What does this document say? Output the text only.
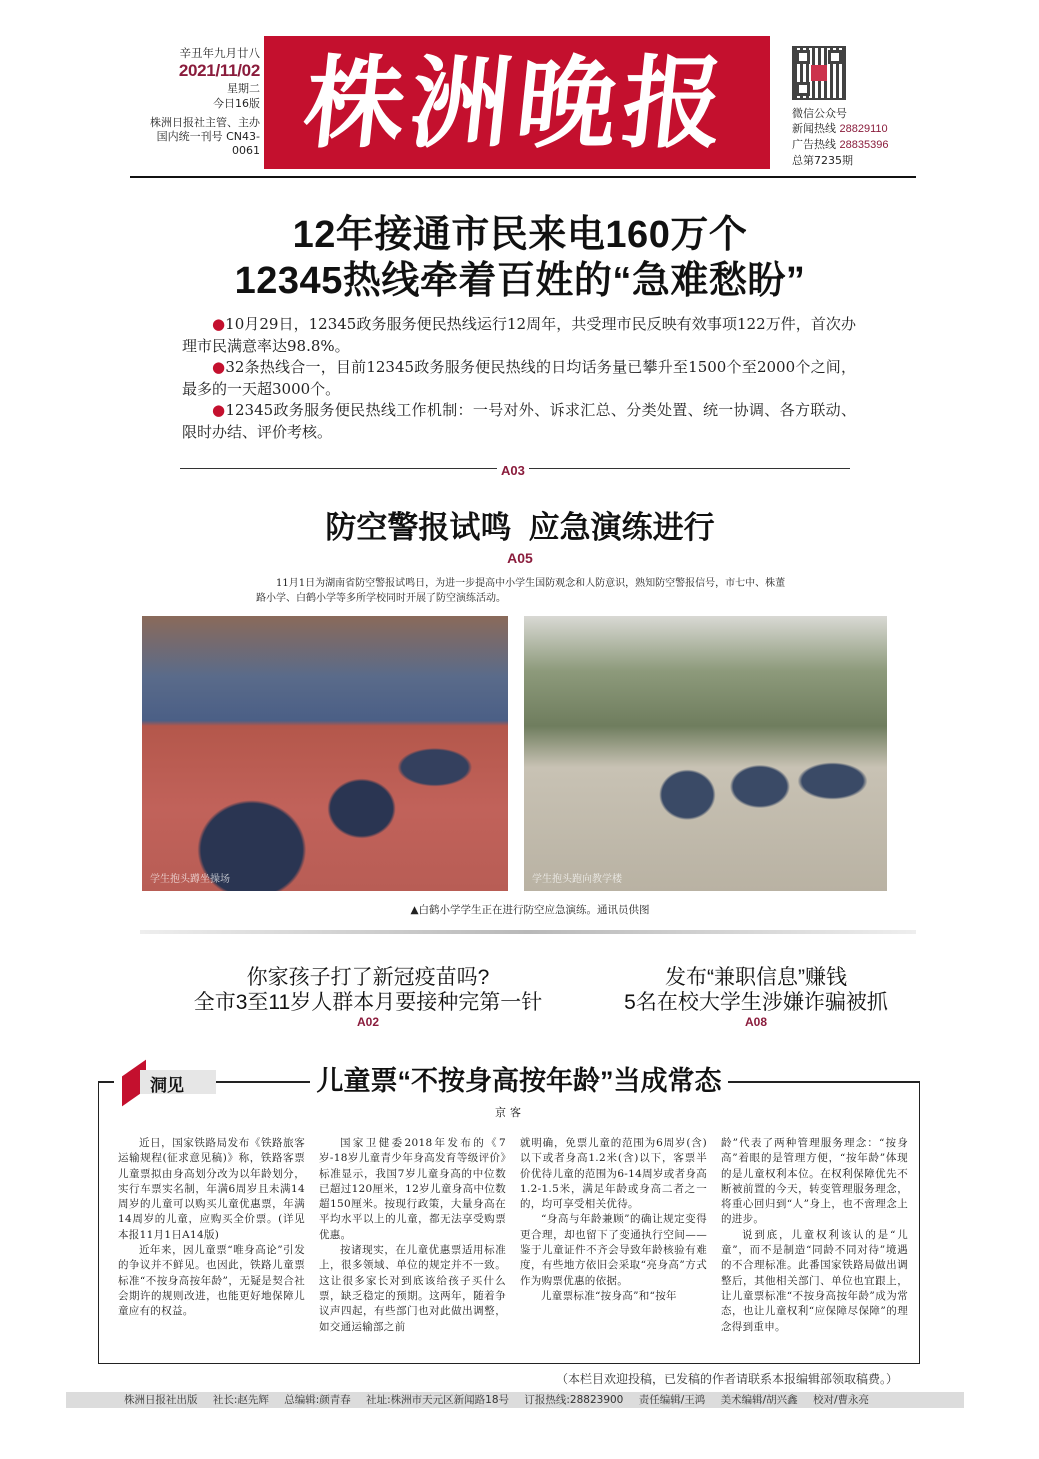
辛丑年九月廿八
2021/11/02
星期二
今日16版
株洲日报社主管、主办
国内统一刊号 CN43-0061 株洲晚报	微信公众号
新闻热线 28829110
广告热线 28835396
总第7235期
12年接通市民来电160万个
12345热线牵着百姓的“急难愁盼”

●10月29日，12345政务服务便民热线运行12周年，共受理市民反映有效事项122万件，首次办理市民满意率达98.8%。

●32条热线合一，目前12345政务服务便民热线的日均话务量已攀升至1500个至2000个之间，最多的一天超3000个。

●12345政务服务便民热线工作机制：一号对外、诉求汇总、分类处置、统一协调、各方联动、限时办结、评价考核。

A03
防空警报试鸣  应急演练进行
A05
11月1日为湖南省防空警报试鸣日，为进一步提高中小学生国防观念和人防意识，熟知防空警报信号，市七中、株董路小学、白鹤小学等多所学校同时开展了防空演练活动。
学生抱头蹲坐操场	学生抱头跑向教学楼
▲白鹤小学学生正在进行防空应急演练。通讯员供图
你家孩子打了新冠疫苗吗?
全市3至11岁人群本月要接种完第一针
A02
发布“兼职信息”赚钱
5名在校大学生涉嫌诈骗被抓
A08
洞见	儿童票“不按身高按年龄”当成常态
京客

近日，国家铁路局发布《铁路旅客运输规程(征求意见稿)》称，铁路客票儿童票拟由身高划分改为以年龄划分，实行车票实名制，年满6周岁且未满14周岁的儿童可以购买儿童优惠票，年满14周岁的儿童，应购买全价票。(详见本报11月1日A14版)

近年来，因儿童票“唯身高论”引发的争议并不鲜见。也因此，铁路儿童票标准“不按身高按年龄”，无疑是契合社会期许的规则改进，也能更好地保障儿童应有的权益。

国家卫健委2018年发布的《7岁-18岁儿童青少年身高发育等级评价》标准显示，我国7岁儿童身高的中位数已超过120厘米，12岁儿童身高中位数超150厘米。按现行政策，大量身高在平均水平以上的儿童，都无法享受购票优惠。

按诸现实，在儿童优惠票适用标准上，很多领域、单位的规定并不一致。这让很多家长对到底该给孩子买什么票，缺乏稳定的预期。这两年，随着争议声四起，有些部门也对此做出调整，如交通运输部之前

就明确，免票儿童的范围为6周岁(含)以下或者身高1.2米(含)以下，客票半价优待儿童的范围为6-14周岁或者身高1.2-1.5米，满足年龄或身高二者之一的，均可享受相关优待。

“身高与年龄兼顾”的确让规定变得更合理，却也留下了变通执行空间——鉴于儿童证件不齐会导致年龄核验有难度，有些地方依旧会采取“亮身高”方式作为购票优惠的依据。

儿童票标准“按身高”和“按年

龄”代表了两种管理服务理念：“按身高”着眼的是管理方便，“按年龄”体现的是儿童权利本位。在权利保障优先不断被前置的今天，转变管理服务理念，将重心回归到“人”身上，也不啻理念上的进步。

说到底，儿童权利该认的是“儿童”，而不是制造“同龄不同对待”境遇的不合理标准。此番国家铁路局做出调整后，其他相关部门、单位也宜跟上，让儿童票标准“不按身高按年龄”成为常态，也让儿童权利“应保障尽保障”的理念得到重申。

（本栏目欢迎投稿，已发稿的作者请联系本报编辑部领取稿费。）
株洲日报社出版 社长:赵先辉 总编辑:颜青春 社址:株洲市天元区新闻路18号 订报热线:28823900 责任编辑/王鸿 美术编辑/胡兴鑫 校对/曹永亮
